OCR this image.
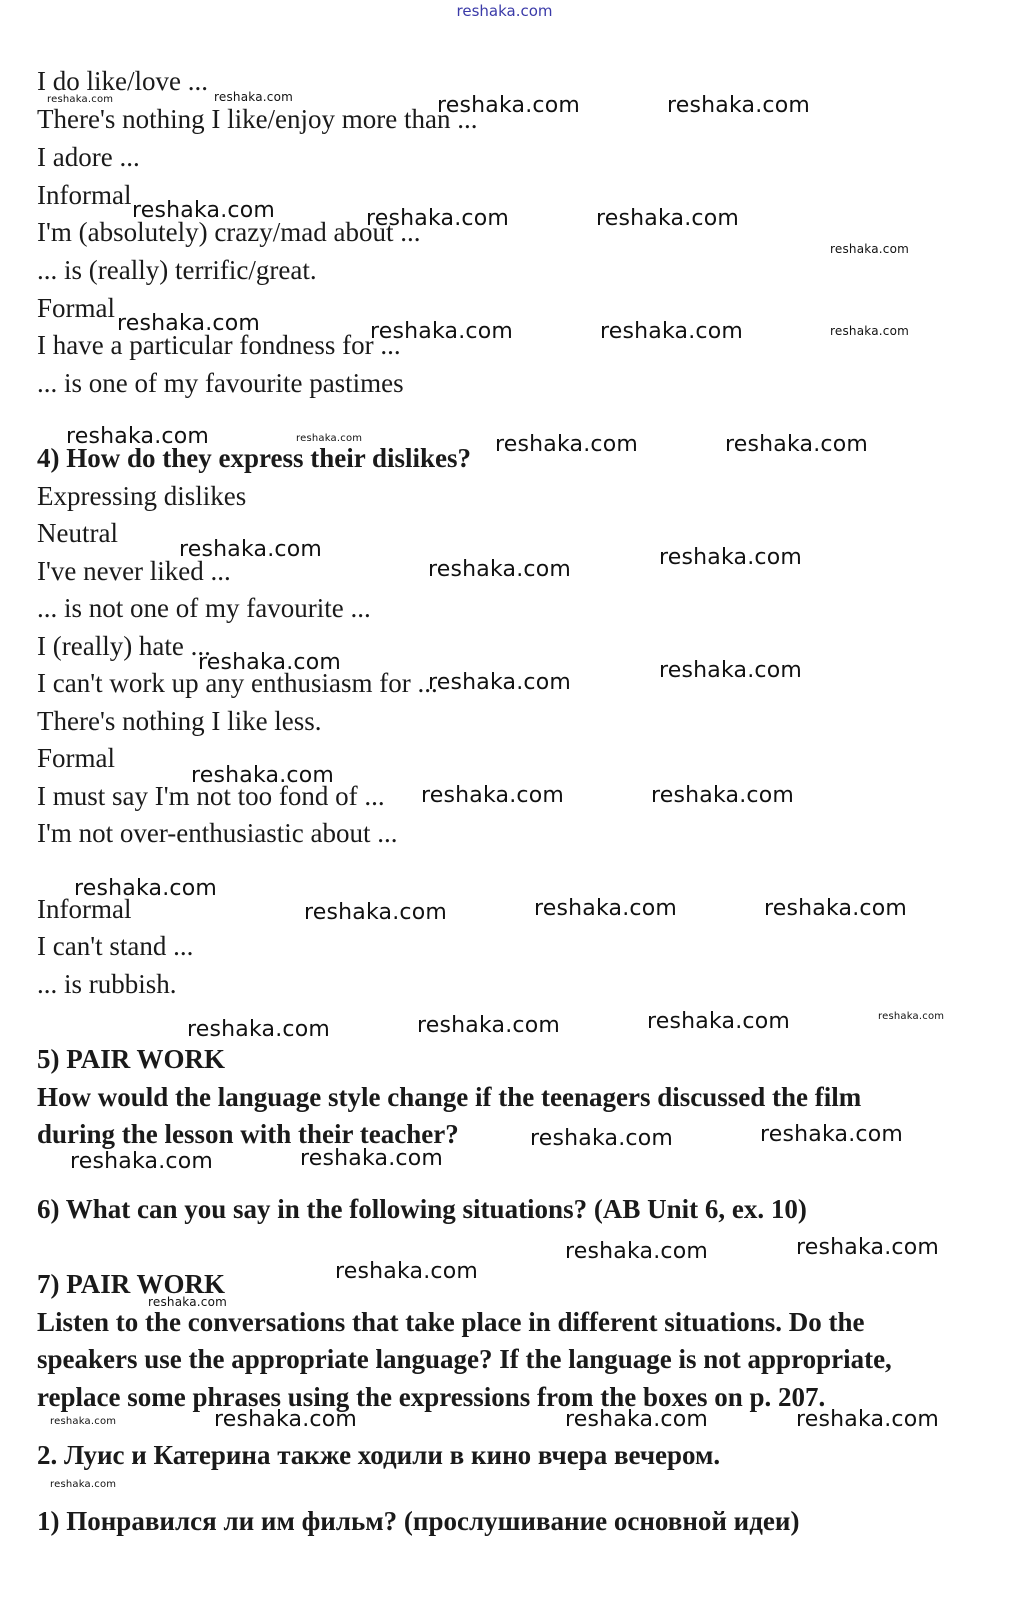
reshaka.com
I do like/love ...
There's nothing I like/enjoy more than ...
I adore ...
Informal
I'm (absolutely) crazy/mad about ...
... is (really) terrific/great.
Formal
I have a particular fondness for ...
... is one of my favourite pastimes
4) How do they express their dislikes?
Expressing dislikes
Neutral
I've never liked ...
... is not one of my favourite ...
I (really) hate ...
I can't work up any enthusiasm for ...
There's nothing I like less.
Formal
I must say I'm not too fond of ...
I'm not over-enthusiastic about ...
Informal
I can't stand ...
... is rubbish.
5) PAIR WORK
How would the language style change if the teenagers discussed the film
during the lesson with their teacher?
6) What can you say in the following situations? (AB Unit 6, ex. 10)
7) PAIR WORK
Listen to the conversations that take place in different situations. Do the
speakers use the appropriate language? If the language is not appropriate,
replace some phrases using the expressions from the boxes on p. 207.
2. Луис и Катерина также ходили в кино вчера вечером.
1) Понравился ли им фильм? (прослушивание основной идеи)
reshaka.com	reshaka.com	reshaka.com	reshaka.com
reshaka.com	reshaka.com	reshaka.com
reshaka.com
reshaka.com	reshaka.com	reshaka.com	reshaka.com
reshaka.com	reshaka.com	reshaka.com	reshaka.com
reshaka.com
reshaka.com	reshaka.com
reshaka.com
reshaka.com	reshaka.com
reshaka.com
reshaka.com	reshaka.com
reshaka.com
reshaka.com	reshaka.com	reshaka.com
reshaka.com	reshaka.com	reshaka.com	reshaka.com
reshaka.com	reshaka.com
reshaka.com	reshaka.com
reshaka.com	reshaka.com
reshaka.com
reshaka.com
reshaka.com	reshaka.com	reshaka.com	reshaka.com
reshaka.com
